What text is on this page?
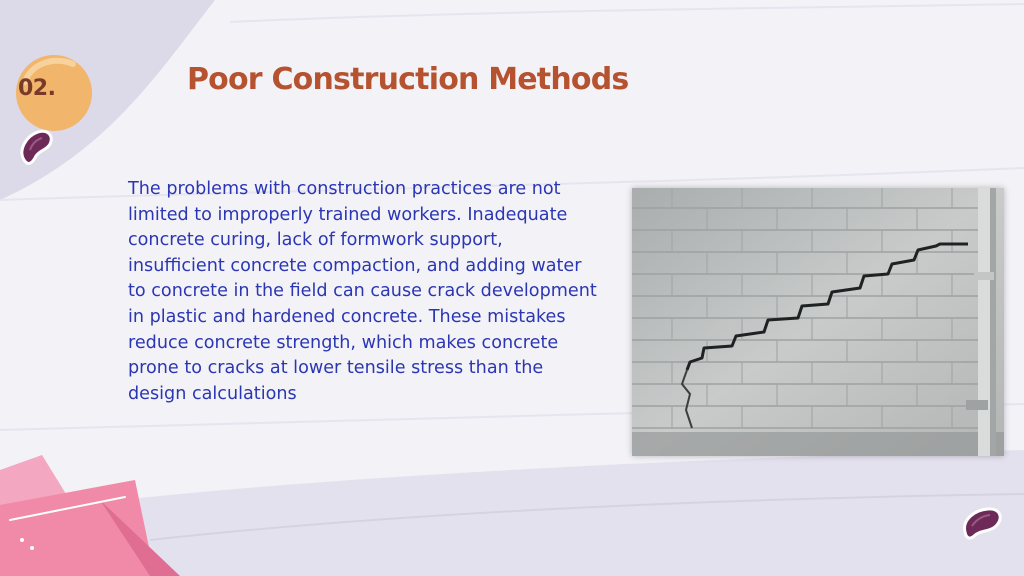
02.	Poor Construction Methods

The problems with construction practices are not limited to improperly trained workers. Inadequate concrete curing, lack of formwork support, insufficient concrete compaction, and adding water to concrete in the field can cause crack development in plastic and hardened concrete. These mistakes reduce concrete strength, which makes concrete prone to cracks at lower tensile stress than the design calculations
